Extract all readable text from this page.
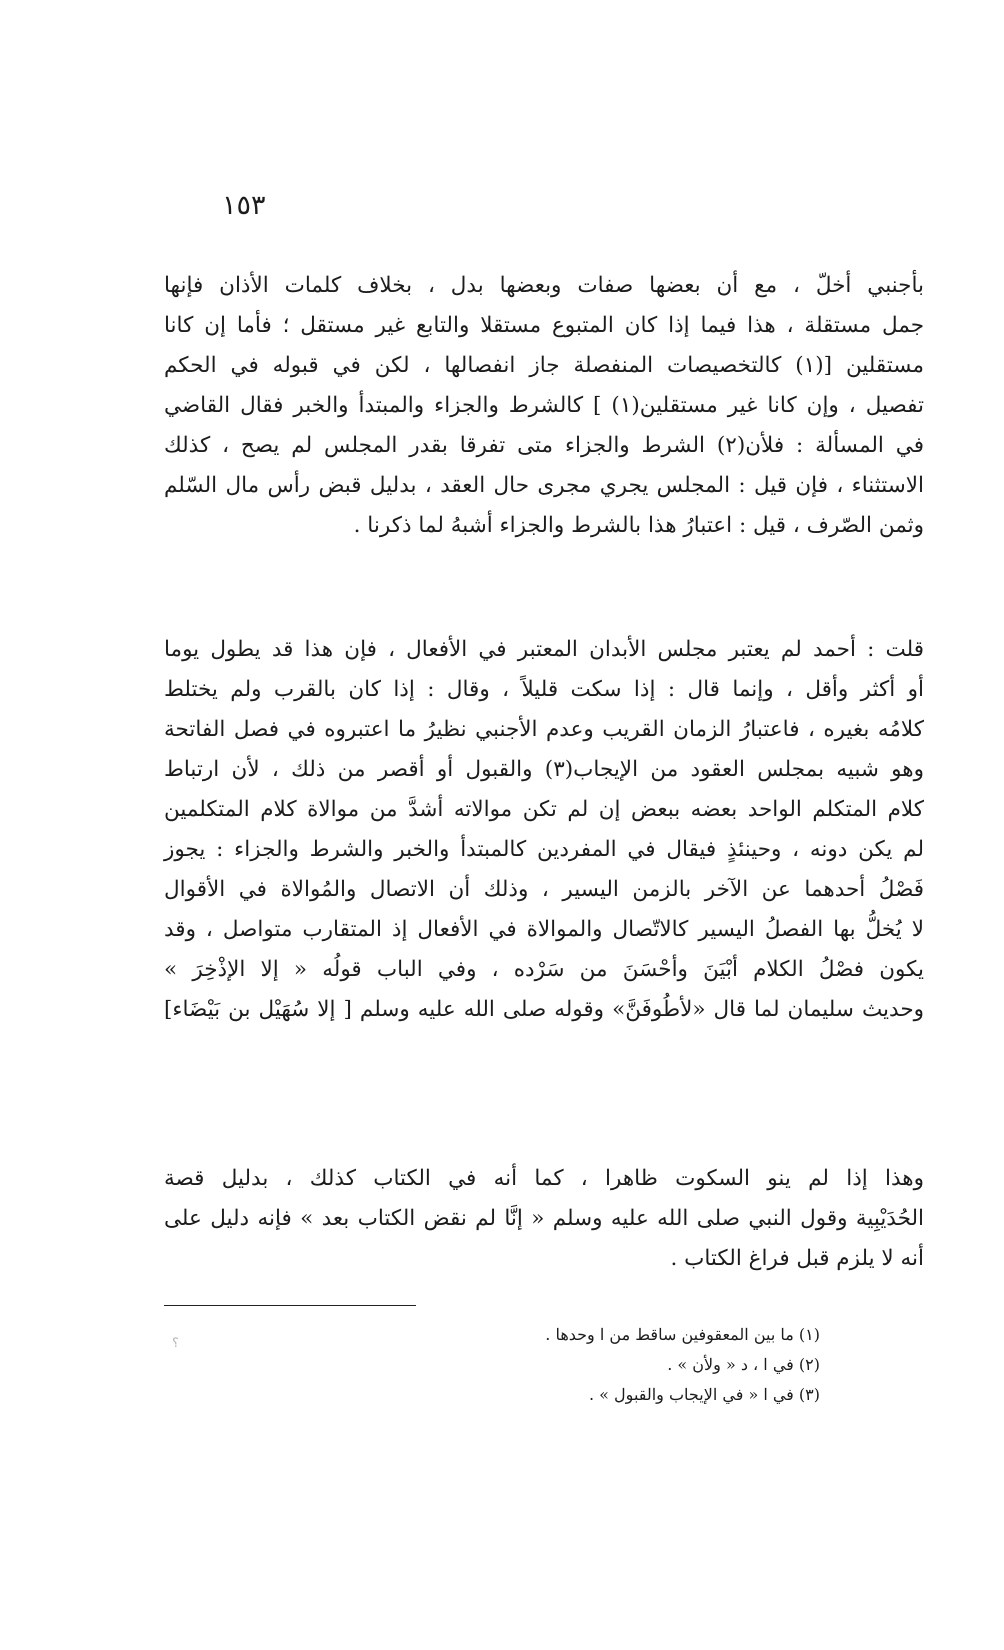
١٥٣
بأجنبي أخلّ ، مع أن بعضها صفات وبعضها بدل ، بخلاف كلمات الأذان فإنها
جمل مستقلة ، هذا فيما إذا كان المتبوع مستقلا والتابع غير مستقل ؛ فأما إن كانا
مستقلين [(١) كالتخصيصات المنفصلة جاز انفصالها ، لكن في قبوله في الحكم
تفصيل ، وإن كانا غير مستقلين(١) ] كالشرط والجزاء والمبتدأ والخبر فقال القاضي
في المسألة : فلأن(٢) الشرط والجزاء متى تفرقا بقدر المجلس لم يصح ، كذلك
الاستثناء ، فإن قيل : المجلس يجري مجرى حال العقد ، بدليل قبض رأس مال السّلم
وثمن الصّرف ، قيل : اعتبارُ هذا بالشرط والجزاء أشبهُ لما ذكرنا .
قلت : أحمد لم يعتبر مجلس الأبدان المعتبر في الأفعال ، فإن هذا قد يطول يوما
أو أكثر وأقل ، وإنما قال : إذا سكت قليلاً ، وقال : إذا كان بالقرب ولم يختلط
كلامُه بغيره ، فاعتبارُ الزمان القريب وعدم الأجنبي نظيرُ ما اعتبروه في فصل الفاتحة
وهو شبيه بمجلس العقود من الإيجاب(٣) والقبول أو أقصر من ذلك ، لأن ارتباط
كلام المتكلم الواحد بعضه ببعض إن لم تكن موالاته أشدَّ من موالاة كلام المتكلمين
لم يكن دونه ، وحينئذٍ فيقال في المفردين كالمبتدأ والخبر والشرط والجزاء : يجوز
فَصْلُ أحدهما عن الآخر بالزمن اليسير ، وذلك أن الاتصال والمُوالاة في الأقوال
لا يُخلُّ بها الفصلُ اليسير كالاتّصال والموالاة في الأفعال إذ المتقارب متواصل ، وقد
يكون فصْلُ الكلام أبْيَنَ وأحْسَنَ من سَرْده ، وفي الباب قولُه « إلا الإذْخِرَ »
وحديث سليمان لما قال «لأطُوفَنَّ» وقوله صلى الله عليه وسلم [ إلا سُهَيْل بن بَيْضَاء]
وهذا إذا لم ينو السكوت ظاهرا ، كما أنه في الكتاب كذلك ، بدليل قصة
الحُدَيْبِية وقول النبي صلى الله عليه وسلم « إنَّا لم نقض الكتاب بعد » فإنه دليل على
أنه لا يلزم قبل فراغ الكتاب .
؟	(١) ما بين المعقوفين ساقط من ا وحدها .
(٢) في ا ، د « ولأن » .
(٣) في ا « في الإيجاب والقبول » .
